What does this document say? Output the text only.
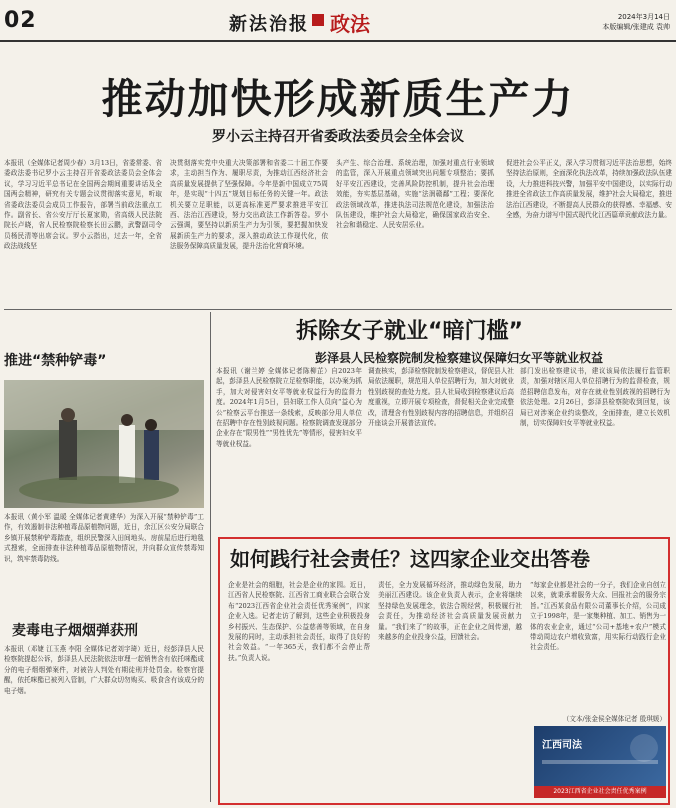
02	新法治报 政法	2024年3月14日
本版编辑/张建成 袁帅
推动加快形成新质生产力
罗小云主持召开省委政法委员会全体会议
本报讯（全媒体记者周少春）3月13日，省委常委、省委政法委书记罗小云主持召开省委政法委员会全体会议，学习习近平总书记在全国两会期间重要讲话及全国两会精神，研究有关专题会议贯彻落实意见，听取省委政法委员会成员工作报告，部署当前政法重点工作。副省长、省公安厅厅长夏家勋，省高级人民法院院长卢晓，省人民检察院检察长田云鹏，武警副司令员杨民清等出席会议。罗小云指出，过去一年，全省政法战线坚
决贯彻落实党中央重大决策部署和省委二十届工作要求，主动担当作为、履职尽责，为推动江西经济社会高质量发展提供了坚强保障。今年是新中国成立75周年，是实现“十四五”规划目标任务的关键一年。政法机关要立足职能，以更高标准更严要求推进平安江西、法治江西建设，努力交出政法工作新答卷。罗小云强调，要坚持以新质生产力为引领，要把握加快发展新质生产力的要求，深入推动政法工作现代化，依法服务保障高质量发展，提升法治化营商环境。
头产生、综合治理、系统治理，加强对重点行业领域的监管，深入开展重点领域突出问题专项整治；要抓好平安江西建设，完善风险防控机制，提升社会治理效能，夯实基层基础，实施“法润赣鄱”工程；要深化政法领域改革，推进执法司法规范化建设，加强法治队伍建设，维护社会大局稳定，确保国家政治安全、社会和谐稳定、人民安居乐业。
促进社会公平正义，深入学习贯彻习近平法治思想，始终坚持法治原则，全面深化执法改革，持续加强政法队伍建设，大力推进科技兴警，加强平安中国建设，以实际行动推进全省政法工作高质量发展，维护社会大局稳定，推进法治江西建设，不断提高人民群众的获得感、幸福感、安全感，为奋力谱写中国式现代化江西篇章贡献政法力量。
推进“禁种铲毒”
本报讯（黄小军 温暖 全媒体记者黄建华）为深入开展“禁种铲毒”工作，有效遏制非法种植毒品原植物问题，近日，余江区公安分局联合乡镇开展禁种铲毒踏查，组织民警深入田间地头、房前屋后进行地毯式搜索，全面排查非法种植毒品原植物情况，并向群众宣传禁毒知识，筑牢禁毒防线。
麦毒电子烟烟弹获刑
本报讯（邓婕 江玉燕 李阳 全媒体记者刘宇琦）近日，经彭泽县人民检察院提起公诉，彭泽县人民法院依法审理一起销售含有依托咪酯成分的电子烟烟弹案件，对被告人判处有期徒刑并处罚金。检察官提醒，依托咪酯已被列入管制，广大群众切勿购买、吸食含有该成分的电子烟。
拆除女子就业“暗门槛”
彭泽县人民检察院制发检察建议保障妇女平等就业权益
本报讯（谢兰婷 全媒体记者陈柳芷）自2023年起，彭泽县人民检察院立足检察职能，以办案为抓手，加大对侵害妇女平等就业权益行为的监督力度。2024年1月5日，县妇联工作人员向“益心为公”检察云平台推送一条线索，反映部分用人单位在招聘中存在性别歧视问题。检察院调查发现部分企业存在“限男性”“男性优先”等情形，侵害妇女平等就业权益。
调查核实，彭泽检察院制发检察建议，督促县人社局依法履职，规范用人单位招聘行为，加大对就业性别歧视的查处力度。县人社局收到检察建议后高度重视，立即开展专项检查，督促相关企业完成整改，清理含有性别歧视内容的招聘信息，并组织召开座谈会开展普法宣传。
部门发出检察建议书，建议该局依法履行监管职责，加强对辖区用人单位招聘行为的监督检查，规范招聘信息发布，对存在就业性别歧视的招聘行为依法处理。2月26日，彭泽县检察院收到回复，该局已对涉案企业约谈整改，全面排查，建立长效机制，切实保障妇女平等就业权益。
如何践行社会责任？这四家企业交出答卷
企业是社会的细胞，社会是企业的家园。近日，江西省人民检察院、江西省工商业联合会联合发布“2023江西省企业社会责任优秀案例”，四家企业入选。记者走访了解到，这些企业积极投身乡村振兴、生态保护、公益慈善等领域，在自身发展的同时，主动承担社会责任，取得了良好的社会效益。“一年365天，我们都不会停止帮扶。”负责人说。
责任，全力发展循环经济，推动绿色发展，助力美丽江西建设。该企业负责人表示，企业将继续坚持绿色发展理念，依法合规经营，积极履行社会责任，为推动经济社会高质量发展贡献力量。“我们来了”的故事，正在企业之间传递，越来越多的企业投身公益，回馈社会。
“每家企业都是社会的一分子，我们企业自创立以来，就秉承着服务大众、回报社会的服务宗旨。”江西某食品有限公司董事长介绍，公司成立于1998年，是一家集种植、加工、销售为一体的农业企业，通过“公司+基地+农户”模式带动周边农户增收致富，用实际行动践行企业社会责任。
（文本/张金侯全媒体记者 殷琪媛）
江西司法
2023江西省企业社会责任优秀案例
